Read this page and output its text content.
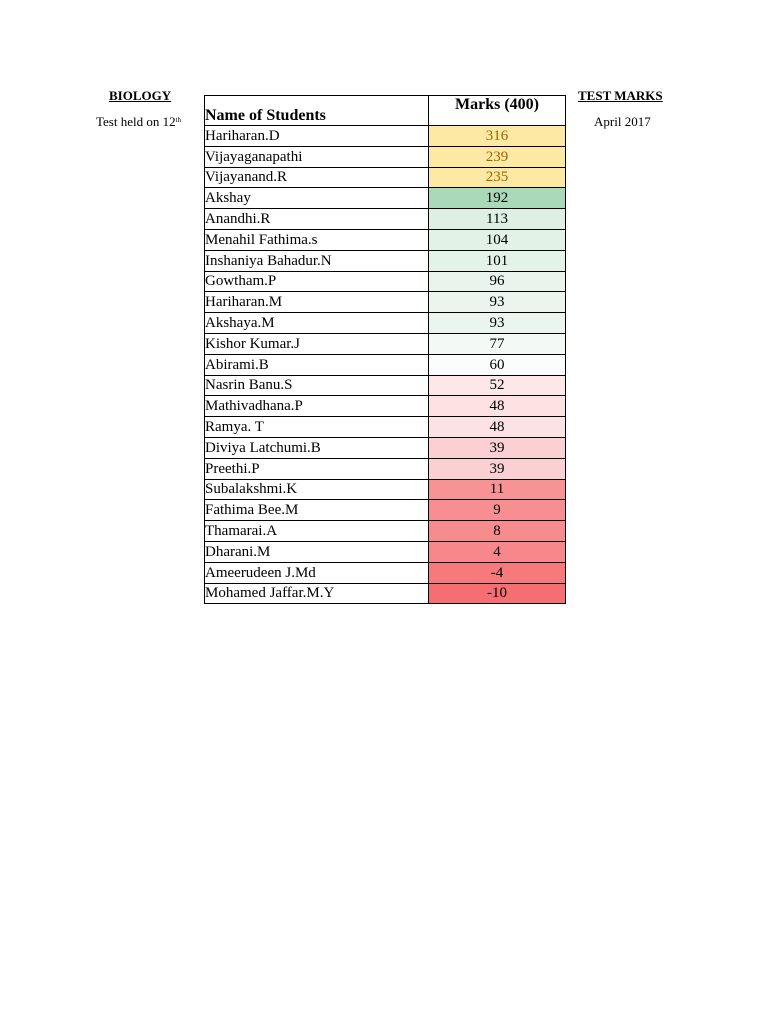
BIOLOGY	TEST MARKS
Test held on 12th	April 2017
Name of Students	Marks (400)
Hariharan.D	316
Vijayaganapathi	239
Vijayanand.R	235
Akshay	192
Anandhi.R	113
Menahil Fathima.s	104
Inshaniya Bahadur.N	101
Gowtham.P	96
Hariharan.M	93
Akshaya.M	93
Kishor Kumar.J	77
Abirami.B	60
Nasrin Banu.S	52
Mathivadhana.P	48
Ramya. T	48
Diviya Latchumi.B	39
Preethi.P	39
Subalakshmi.K	11
Fathima Bee.M	9
Thamarai.A	8
Dharani.M	4
Ameerudeen J.Md	-4
Mohamed Jaffar.M.Y	-10
